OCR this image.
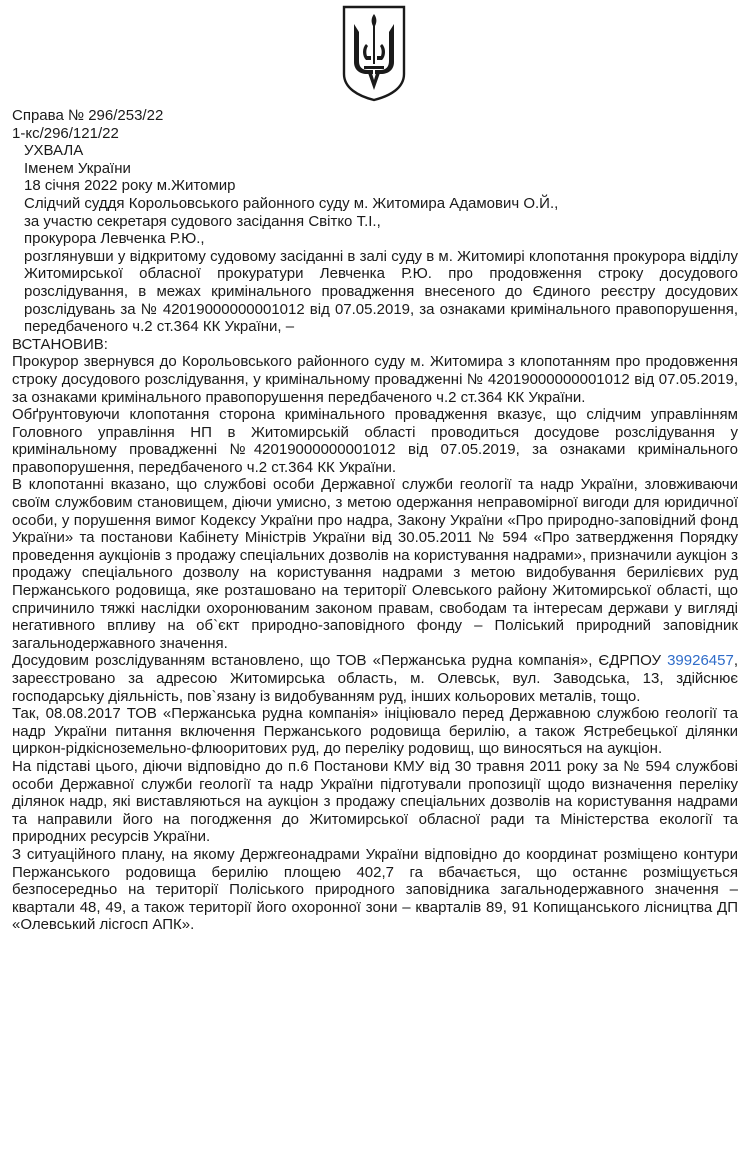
Справа № 296/253/22

1-кс/296/121/22

УХВАЛА

Іменем України

18 січня 2022 року м.Житомир

Слідчий суддя Корольовського районного суду м. Житомира Адамович О.Й.,

за участю секретаря судового засідання Світко Т.І.,

прокурора Левченка Р.Ю.,

розглянувши у відкритому судовому засіданні в залі суду в м. Житомирі клопотання прокурора відділу Житомирської обласної прокуратури Левченка Р.Ю. про продовження строку досудового розслідування, в межах кримінального провадження внесеного до Єдиного реєстру досудових розслідувань за № 42019000000001012 від 07.05.2019, за ознаками кримінального правопорушення, передбаченого ч.2 ст.364 КК України, –

ВСТАНОВИВ:

Прокурор звернувся до Корольовського районного суду м. Житомира з клопотанням про продовження строку досудового розслідування, у кримінальному провадженні № 42019000000001012 від 07.05.2019, за ознаками кримінального правопорушення передбаченого ч.2 ст.364 КК України.

Обґрунтовуючи клопотання сторона кримінального провадження вказує, що слідчим управлінням Головного управління НП в Житомирській області проводиться досудове розслідування у кримінальному провадженні №42019000000001012 від 07.05.2019, за ознаками кримінального правопорушення, передбаченого ч.2 ст.364 КК України.

В клопотанні вказано, що службові особи Державної служби геології та надр України, зловживаючи своїм службовим становищем, діючи умисно, з метою одержання неправомірної вигоди для юридичної особи, у порушення вимог Кодексу України про надра, Закону України «Про природно-заповідний фонд України» та постанови Кабінету Міністрів України від 30.05.2011 № 594 «Про затвердження Порядку проведення аукціонів з продажу спеціальних дозволів на користування надрами», призначили аукціон з продажу спеціального дозволу на користування надрами з метою видобування берилієвих руд Пержанського родовища, яке розташовано на території Олевського району Житомирської області, що спричинило тяжкі наслідки охоронюваним законом правам, свободам та інтересам держави у вигляді негативного впливу на об`єкт природно-заповідного фонду – Поліський природний заповідник загальнодержавного значення.

Досудовим розслідуванням встановлено, що ТОВ «Пержанська рудна компанія», ЄДРПОУ 39926457, зареєстровано за адресою Житомирська область, м. Олевськ, вул. Заводська, 13, здійснює господарську діяльність, пов`язану із видобуванням руд, інших кольорових металів, тощо.

Так, 08.08.2017 ТОВ «Пержанська рудна компанія» ініціювало перед Державною службою геології та надр України питання включення Пержанського родовища берилію, а також Ястребецької ділянки циркон-рідкісноземельно-флюоритових руд, до переліку родовищ, що виносяться на аукціон.

На підставі цього, діючи відповідно до п.6 Постанови КМУ від 30 травня 2011 року за № 594 службові особи Державної служби геології та надр України підготували пропозиції щодо визначення переліку ділянок надр, які виставляються на аукціон з продажу спеціальних дозволів на користування надрами та направили його на погодження до Житомирської обласної ради та Міністерства екології та природних ресурсів України.

З ситуаційного плану, на якому Держгеонадрами України відповідно до координат розміщено контури Пержанського родовища берилію площею 402,7 га вбачається, що останнє розміщується безпосередньо на території Поліського природного заповідника загальнодержавного значення – квартали 48, 49, а також території його охоронної зони – кварталів 89, 91 Копищанського лісництва ДП «Олевський лісгосп АПК».
